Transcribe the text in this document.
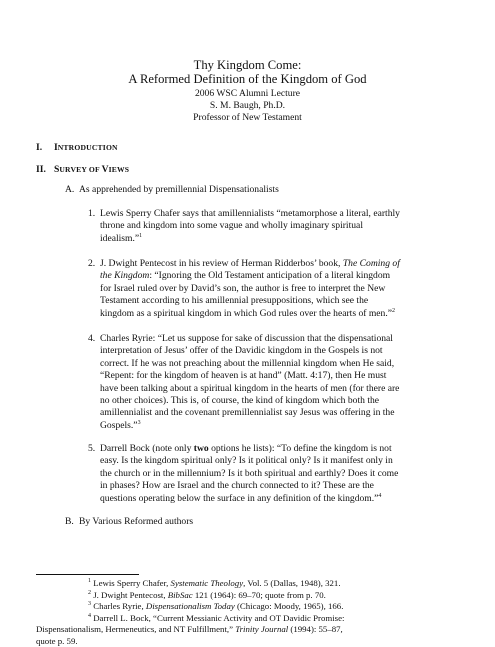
Thy Kingdom Come:
A Reformed Definition of the Kingdom of God
2006 WSC Alumni Lecture
S. M. Baugh, Ph.D.
Professor of New Testament
I. INTRODUCTION
II. SURVEY OF VIEWS
A. As apprehended by premillennial Dispensationalists
1. Lewis Sperry Chafer says that amillennialists “metamorphose a literal, earthly
throne and kingdom into some vague and wholly imaginary spiritual
idealism.”$^1$
2. J. Dwight Pentecost in his review of Herman Ridderbos’ book, The Coming of
the Kingdom: “Ignoring the Old Testament anticipation of a literal kingdom
for Israel ruled over by David’s son, the author is free to interpret the New
Testament according to his amillennial presuppositions, which see the
kingdom as a spiritual kingdom in which God rules over the hearts of men.”$^2$
4. Charles Ryrie: “Let us suppose for sake of discussion that the dispensational
interpretation of Jesus’ offer of the Davidic kingdom in the Gospels is not
correct. If he was not preaching about the millennial kingdom when He said,
“Repent: for the kingdom of heaven is at hand” (Matt. 4:17), then He must
have been talking about a spiritual kingdom in the hearts of men (for there are
no other choices). This is, of course, the kind of kingdom which both the
amillennialist and the covenant premillennialist say Jesus was offering in the
Gospels.”$^3$
5. Darrell Bock (note only two options he lists): “To define the kingdom is not
easy. Is the kingdom spiritual only? Is it political only? Is it manifest only in
the church or in the millennium? Is it both spiritual and earthly? Does it come
in phases? How are Israel and the church connected to it? These are the
questions operating below the surface in any definition of the kingdom.”$^4$
B. By Various Reformed authors
$^1$ Lewis Sperry Chafer, Systematic Theology, Vol. 5 (Dallas, 1948), 321.
$^2$ J. Dwight Pentecost, BibSac 121 (1964): 69–70; quote from p. 70.
$^3$ Charles Ryrie, Dispensationalism Today (Chicago: Moody, 1965), 166.
$^4$ Darrell L. Bock, “Current Messianic Activity and OT Davidic Promise:
Dispensationalism, Hermeneutics, and NT Fulfillment,” Trinity Journal (1994): 55–87,
quote p. 59.
